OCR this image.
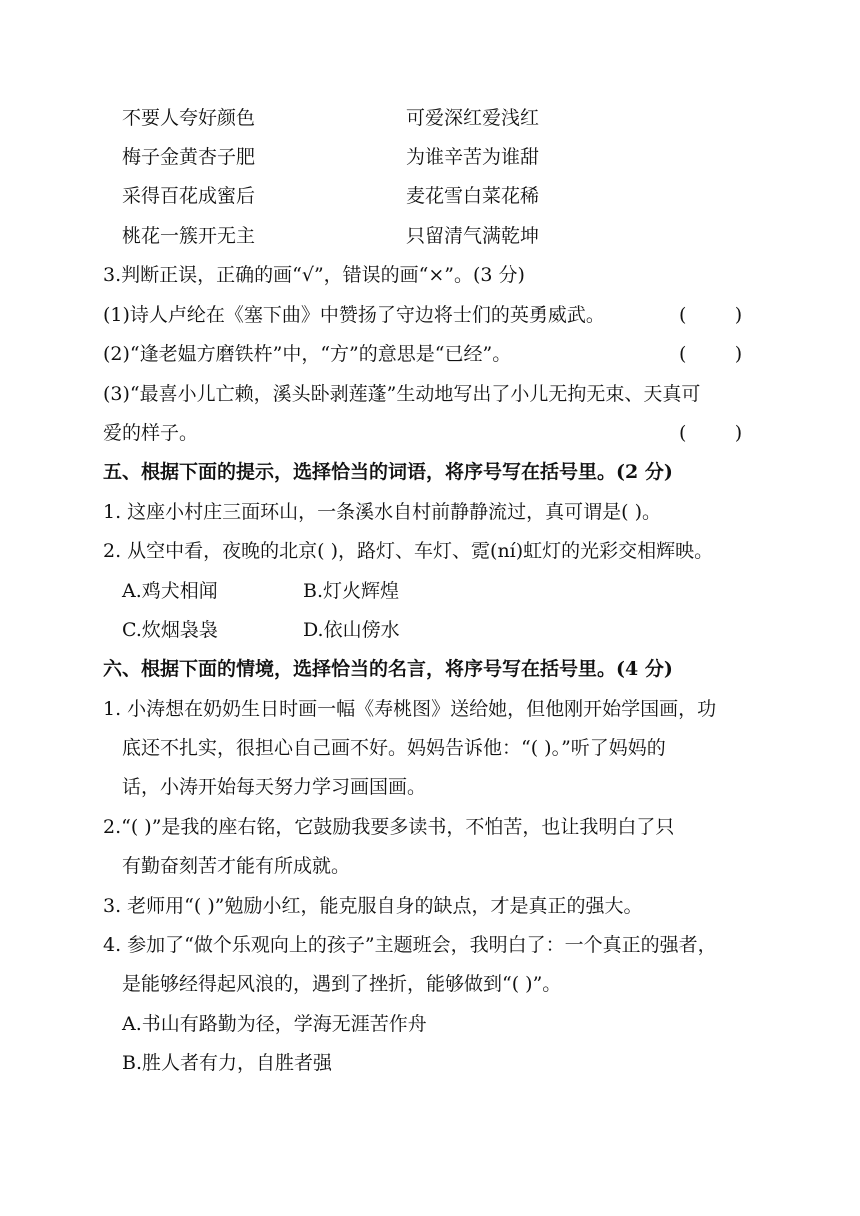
不要人夸好颜色	可爱深红爱浅红
梅子金黄杏子肥	为谁辛苦为谁甜
采得百花成蜜后	麦花雪白菜花稀
桃花一簇开无主	只留清气满乾坤
3.判断正误，正确的画“√”，错误的画“×”。(3 分)
(1)诗人卢纶在《塞下曲》中赞扬了守边将士们的英勇威武。	(        )
(2)“逢老媪方磨铁杵”中，“方”的意思是“已经”。	(        )
(3)“最喜小儿亡赖，溪头卧剥莲蓬”生动地写出了小儿无拘无束、天真可
爱的样子。	(        )
五、根据下面的提示，选择恰当的词语，将序号写在括号里。(2 分)
1. 这座小村庄三面环山，一条溪水自村前静静流过，真可谓是( )。
2. 从空中看，夜晚的北京( )，路灯、车灯、霓(ní)虹灯的光彩交相辉映。
A.鸡犬相闻	B.灯火辉煌
C.炊烟袅袅	D.依山傍水
六、根据下面的情境，选择恰当的名言，将序号写在括号里。(4 分)
1. 小涛想在奶奶生日时画一幅《寿桃图》送给她，但他刚开始学国画，功
底还不扎实，很担心自己画不好。妈妈告诉他：“( )。”听了妈妈的
话，小涛开始每天努力学习画国画。
2.“( )”是我的座右铭，它鼓励我要多读书，不怕苦，也让我明白了只
有勤奋刻苦才能有所成就。
3. 老师用“( )”勉励小红，能克服自身的缺点，才是真正的强大。
4. 参加了“做个乐观向上的孩子”主题班会，我明白了：一个真正的强者，
是能够经得起风浪的，遇到了挫折，能够做到“( )”。
A.书山有路勤为径，学海无涯苦作舟
B.胜人者有力，自胜者强
